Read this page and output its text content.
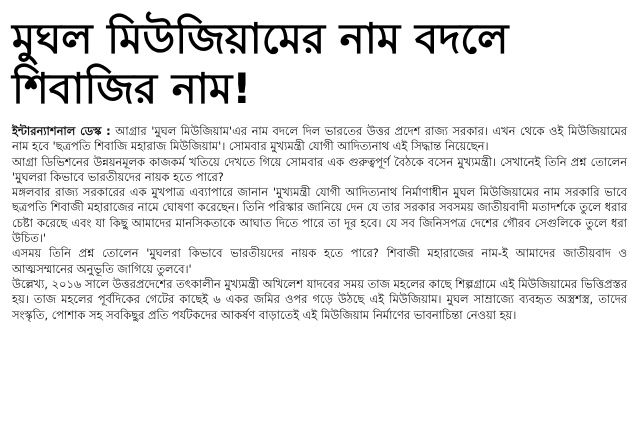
মুঘল মিউজিয়ামের নাম বদলে
শিবাজির নাম!

ইন্টারন্যাশনাল ডেস্ক : আগ্রার 'মুঘল মিউজিয়াম'এর নাম বদলে দিল ভারতের উত্তর প্রদেশ রাজ্য সরকার। এখন থেকে ওই মিউজিয়ামের নাম হবে 'ছত্রপতি শিবাজি মহারাজ মিউজিয়াম'। সোমবার মুখ্যমন্ত্রী যোগী আদিত্যনাথ এই সিদ্ধান্ত নিয়েছেন।

আগ্রা ডিভিশনের উন্নয়নমূলক কাজকর্ম খতিয়ে দেখতে গিয়ে সোমবার এক গুরুত্বপূর্ণ বৈঠকে বসেন মুখ্যমন্ত্রী। সেখানেই তিনি প্রশ্ন তোলেন 'মুঘলরা কিভাবে ভারতীয়দের নায়ক হতে পারে?

মঙ্গলবার রাজ্য সরকারের এক মুখপাত্র এব্যাপারে জানান 'মুখ্যমন্ত্রী যোগী আদিত্যনাথ নির্মাণাধীন মুঘল মিউজিয়ামের নাম সরকারি ভাবে ছত্রপতি শিবাজী মহারাজের নামে ঘোষণা করেছেন। তিনি পরিস্কার জানিয়ে দেন যে তার সরকার সবসময় জাতীয়বাদী মতাদর্শকে তুলে ধরার চেষ্টা করেছে এবং যা কিছু আমাদের মানসিকতাকে আঘাত দিতে পারে তা দূর হবে। যে সব জিনিসপত্র দেশের গৌরব সেগুলিকে তুলে ধরা উচিত।'

এসময় তিনি প্রশ্ন তোলেন 'মুঘলরা কিভাবে ভারতীয়দের নায়ক হতে পারে? শিবাজী মহারাজের নাম-ই আমাদের জাতীয়বাদ ও আত্মসম্মানের অনুভূতি জাগিয়ে তুলবে।'

উল্লেখ্য, ২০১৬ সালে উত্তরপ্রদেশের তৎকালীন মুখ্যমন্ত্রী অখিলেশ যাদবের সময় তাজ মহলের কাছে শিল্পগ্রামে এই মিউজিয়ামের ভিত্তিপ্রস্তর হয়। তাজ মহলের পূর্বদিকের গেটের কাছেই ৬ একর জমির ওপর গড়ে উঠছে এই মিউজিয়াম। মুঘল সাম্রাজ্যে ব্যবহৃত অস্ত্রশস্ত্র, তাদের সংস্কৃতি, পোশাক সহ সবকিছুর প্রতি পর্যটকদের আকর্ষণ বাড়াতেই এই মিউজিয়াম নির্মাণের ভাবনাচিন্তা নেওয়া হয়।
